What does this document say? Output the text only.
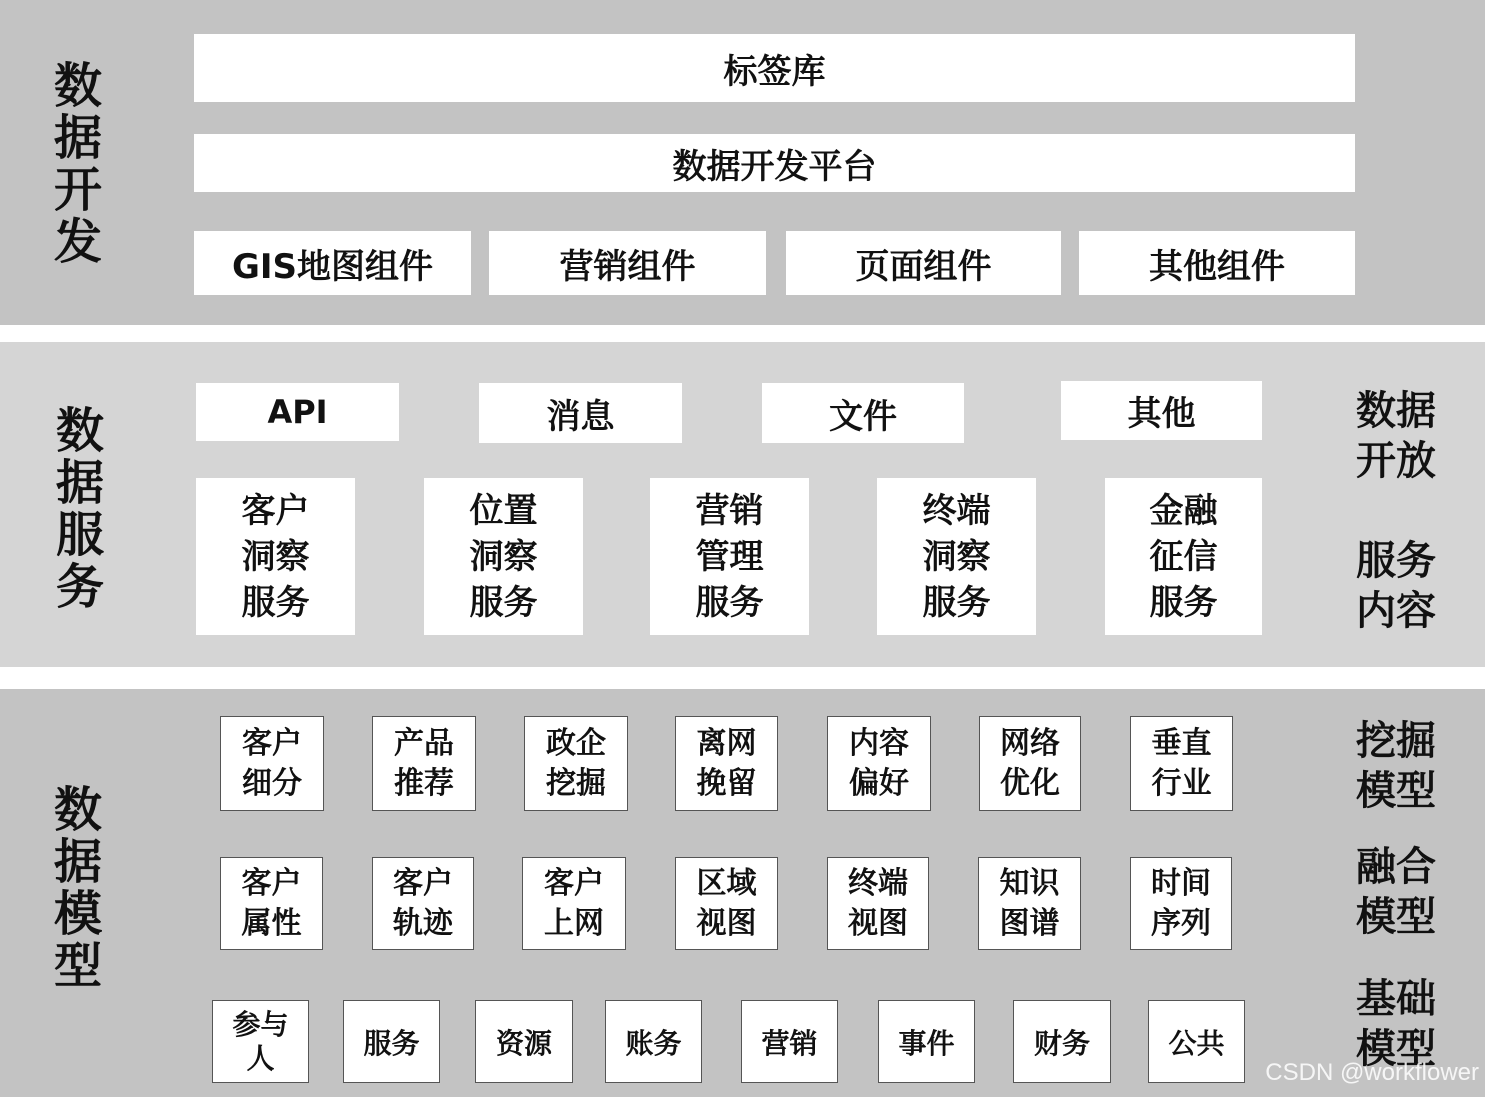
数
据
开
发
标签库
数据开发平台
GIS地图组件	营销组件	页面组件	其他组件
数
据
服
务
API	消息	文件	其他	数据
开放
客户
洞察
服务
位置
洞察
服务
营销
管理
服务
终端
洞察
服务
金融
征信
服务
服务
内容
数
据
模
型
客户
细分
产品
推荐
政企
挖掘
离网
挽留
内容
偏好
网络
优化
垂直
行业
挖掘
模型
客户
属性
客户
轨迹
客户
上网
区域
视图
终端
视图
知识
图谱
时间
序列
融合
模型
参与
人	服务	资源	账务	营销	事件	财务	公共
基础
模型
CSDN @workflower
